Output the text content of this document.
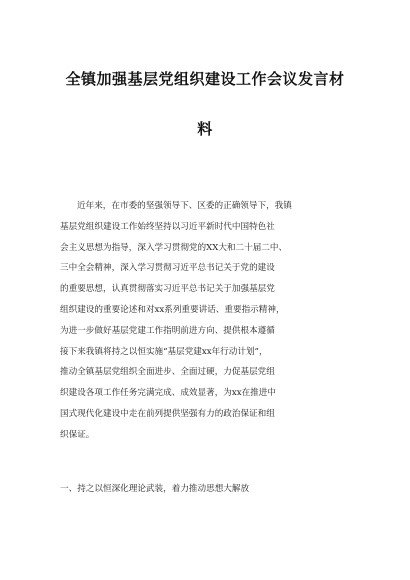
全镇加强基层党组织建设工作会议发言材
料
近年来，在市委的坚强领导下、区委的正确领导下，我镇
基层党组织建设工作始终坚持以习近平新时代中国特色社
会主义思想为指导，深入学习贯彻党的XX大和二十届二中、
三中全会精神，深入学习贯彻习近平总书记关于党的建设
的重要思想，认真贯彻落实习近平总书记关于加强基层党
组织建设的重要论述和对xx系列重要讲话、重要指示精神，
为进一步做好基层党建工作指明前进方向、提供根本遵循
接下来我镇将持之以恒实施“基层党建xx年行动计划”，
推动全镇基层党组织全面进步、全面过硬，力促基层党组
织建设各项工作任务完满完成、成效显著，为xx在推进中
国式现代化建设中走在前列提供坚强有力的政治保证和组
织保证。
一、持之以恒深化理论武装，着力推动思想大解放
